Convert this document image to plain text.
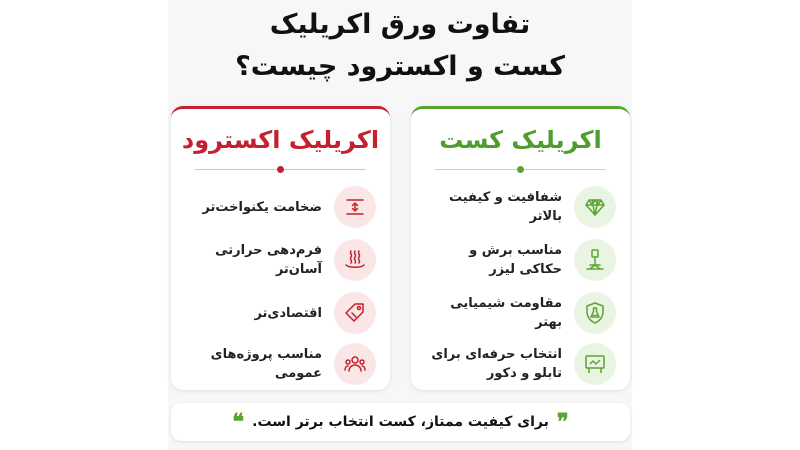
تفاوت ورق اکریلیک
کست و اکسترود چیست؟
اکریلیک کست
شفافیت و کیفیت بالاتر
مناسب برش و حکاکی لیزر
مقاومت شیمیایی بهتر
انتخاب حرفه‌ای برای
تابلو و دکور
اکریلیک اکسترود
ضخامت یکنواخت‌تر
فرم‌دهی حرارتی آسان‌تر
اقتصادی‌تر
مناسب پروژه‌های عمومی
❞
برای کیفیت ممتاز، کست انتخاب برتر است.
❝
